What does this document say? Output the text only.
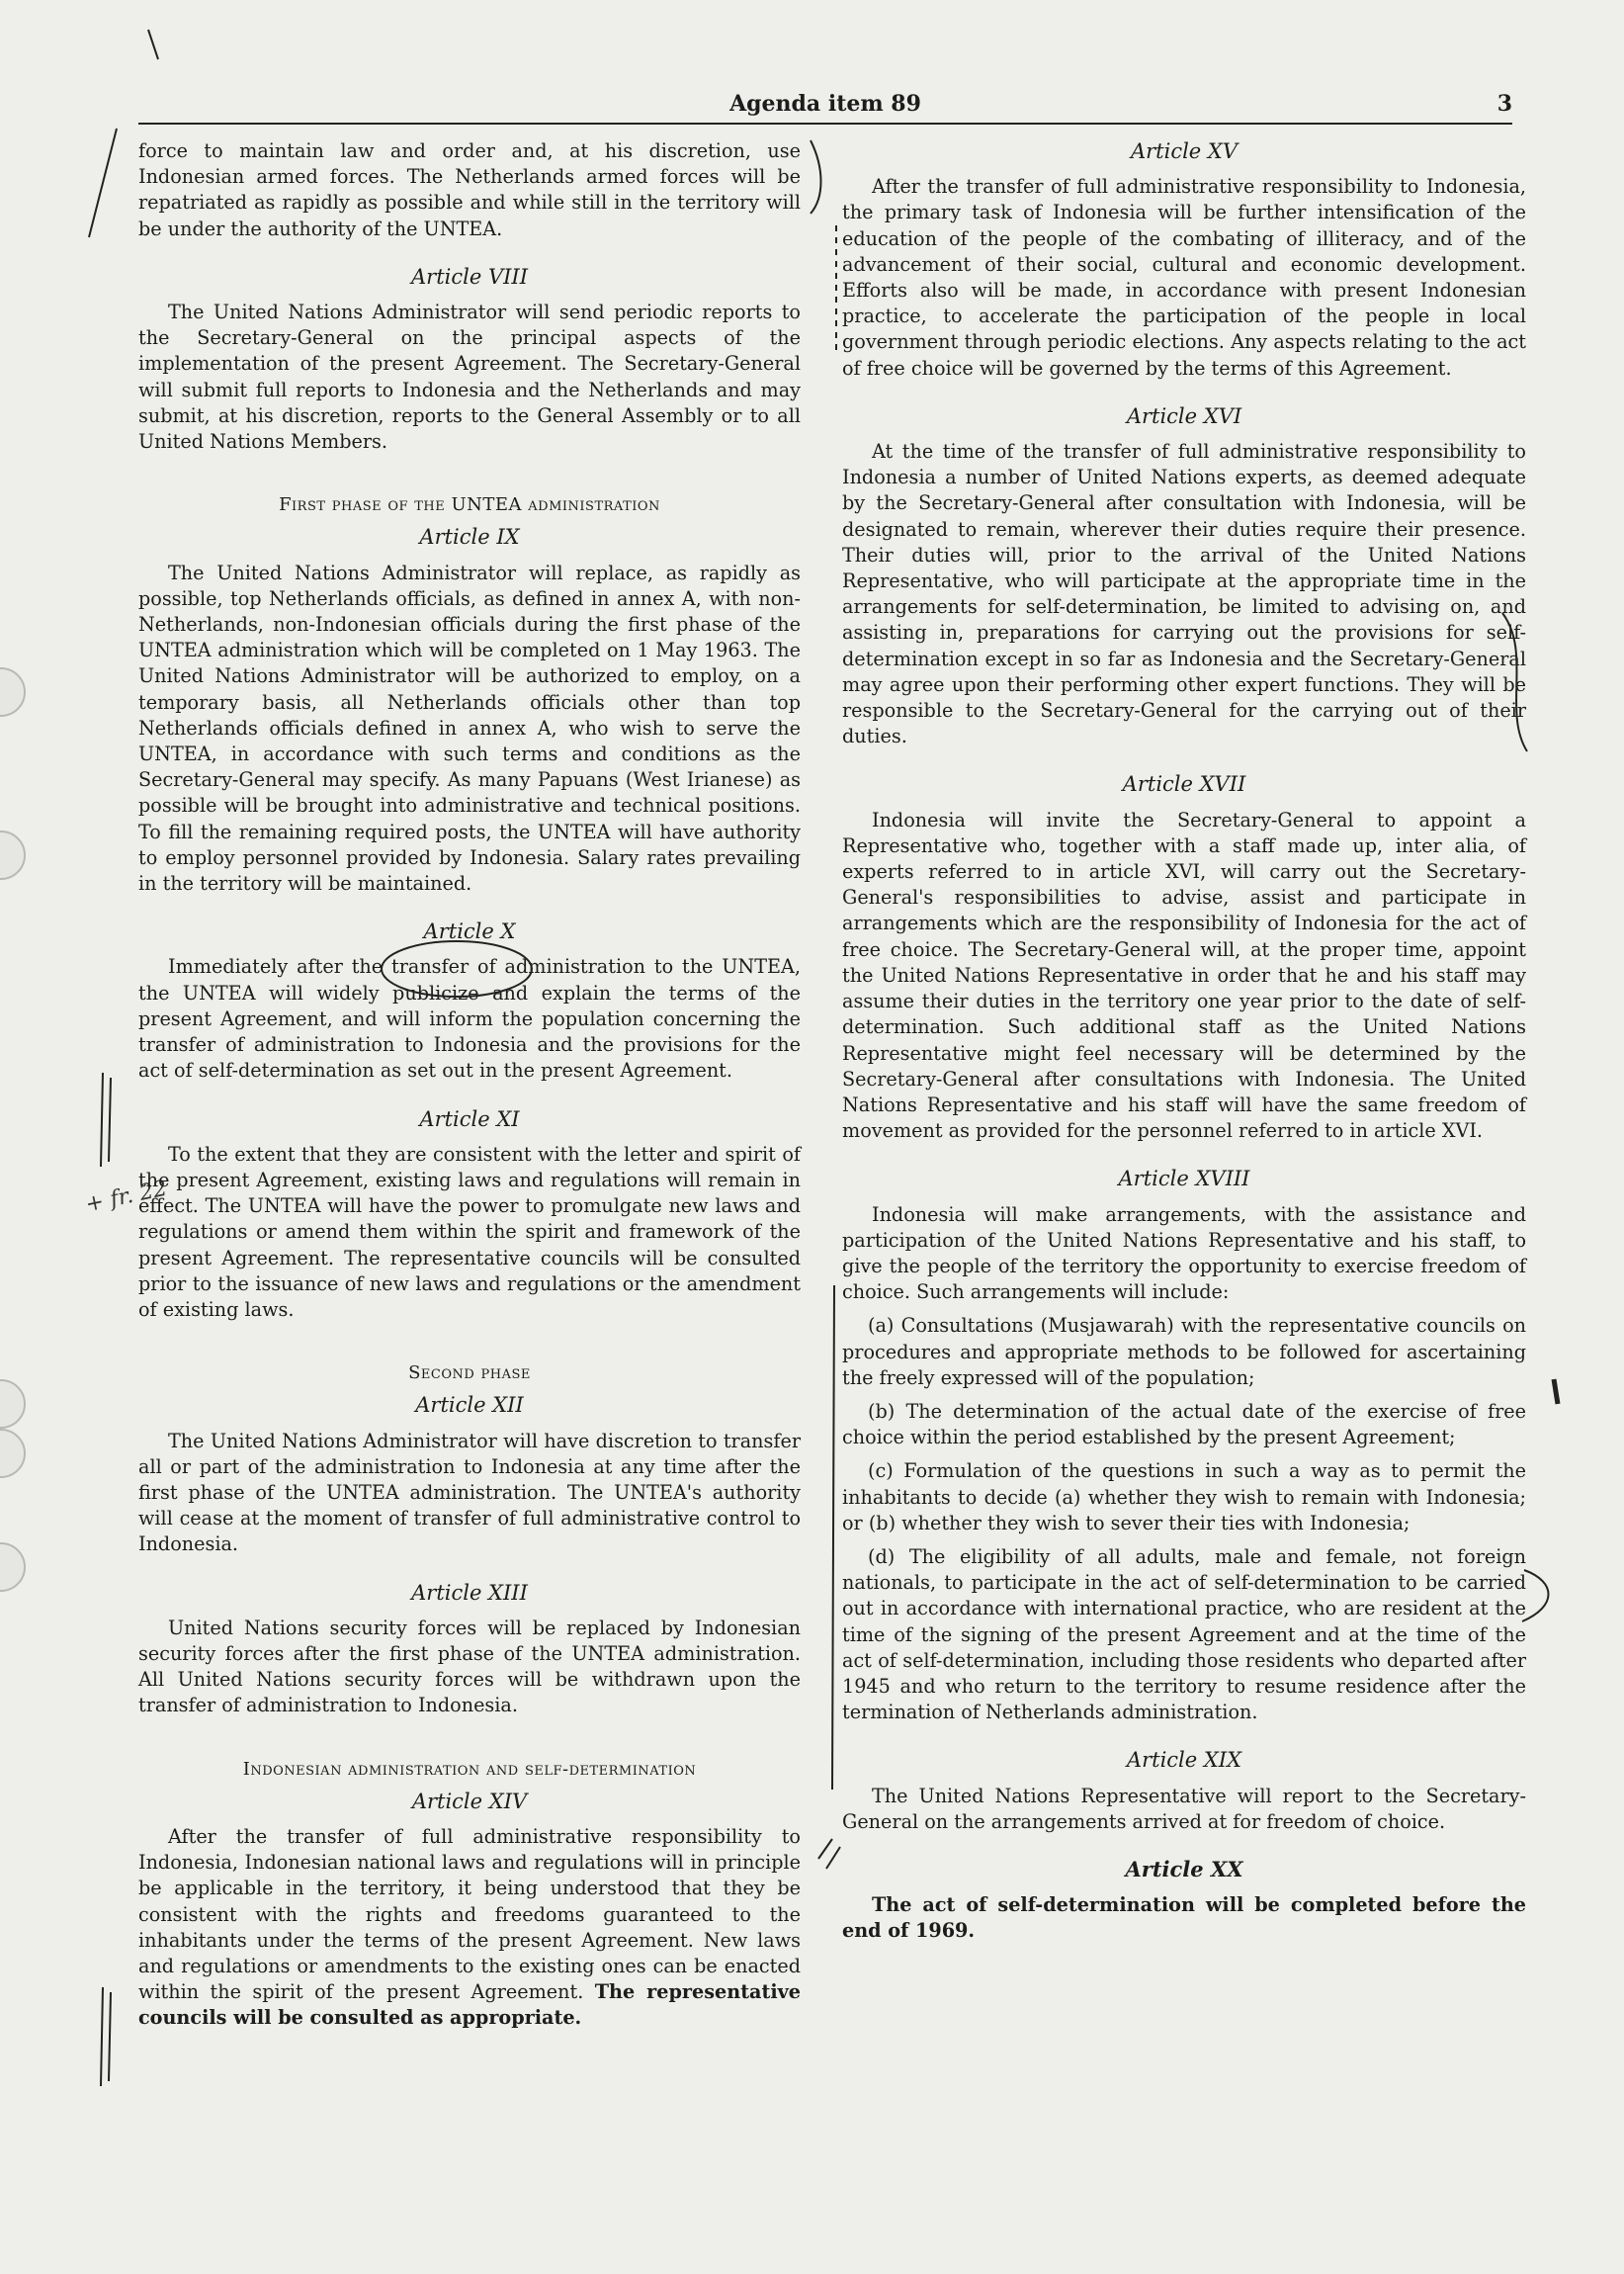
Agenda item 89	3
+ fr. 22

force to maintain law and order and, at his discretion, use Indonesian armed forces. The Netherlands armed forces will be repatriated as rapidly as possible and while still in the territory will be under the authority of the UNTEA.

Article VIII

The United Nations Administrator will send periodic reports to the Secretary-General on the principal aspects of the implementation of the present Agreement. The Secretary-General will submit full reports to Indonesia and the Netherlands and may submit, at his discretion, reports to the General Assembly or to all United Nations Members.

First phase of the UNTEA administration
Article IX

The United Nations Administrator will replace, as rapidly as possible, top Netherlands officials, as defined in annex A, with non-Netherlands, non-Indonesian officials during the first phase of the UNTEA administration which will be completed on 1 May 1963. The United Nations Administrator will be authorized to employ, on a temporary basis, all Netherlands officials other than top Netherlands officials defined in annex A, who wish to serve the UNTEA, in accordance with such terms and conditions as the Secretary-General may specify. As many Papuans (West Irianese) as possible will be brought into administrative and technical positions. To fill the remaining required posts, the UNTEA will have authority to employ personnel provided by Indonesia. Salary rates prevailing in the territory will be maintained.

Article X

Immediately after the transfer of administration to the UNTEA, the UNTEA will widely publicize and explain the terms of the present Agreement, and will inform the population concerning the transfer of administration to Indonesia and the provisions for the act of self-determination as set out in the present Agreement.

Article XI

To the extent that they are consistent with the letter and spirit of the present Agreement, existing laws and regulations will remain in effect. The UNTEA will have the power to promulgate new laws and regulations or amend them within the spirit and framework of the present Agreement. The representative councils will be consulted prior to the issuance of new laws and regulations or the amendment of existing laws.

Second phase
Article XII

The United Nations Administrator will have discretion to transfer all or part of the administration to Indonesia at any time after the first phase of the UNTEA administration. The UNTEA's authority will cease at the moment of transfer of full administrative control to Indonesia.

Article XIII

United Nations security forces will be replaced by Indonesian security forces after the first phase of the UNTEA administration. All United Nations security forces will be withdrawn upon the transfer of administration to Indonesia.

Indonesian administration and self-determination
Article XIV

After the transfer of full administrative responsibility to Indonesia, Indonesian national laws and regulations will in principle be applicable in the territory, it being understood that they be consistent with the rights and freedoms guaranteed to the inhabitants under the terms of the present Agreement. New laws and regulations or amendments to the existing ones can be enacted within the spirit of the present Agreement. The representative councils will be consulted as appropriate.

Article XV

After the transfer of full administrative responsibility to Indonesia, the primary task of Indonesia will be further intensification of the education of the people of the combating of illiteracy, and of the advancement of their social, cultural and economic development. Efforts also will be made, in accordance with present Indonesian practice, to accelerate the participation of the people in local government through periodic elections. Any aspects relating to the act of free choice will be governed by the terms of this Agreement.

Article XVI

At the time of the transfer of full administrative responsibility to Indonesia a number of United Nations experts, as deemed adequate by the Secretary-General after consultation with Indonesia, will be designated to remain, wherever their duties require their presence. Their duties will, prior to the arrival of the United Nations Representative, who will participate at the appropriate time in the arrangements for self-determination, be limited to advising on, and assisting in, preparations for carrying out the provisions for self-determination except in so far as Indonesia and the Secretary-General may agree upon their performing other expert functions. They will be responsible to the Secretary-General for the carrying out of their duties.

Article XVII

Indonesia will invite the Secretary-General to appoint a Representative who, together with a staff made up, inter alia, of experts referred to in article XVI, will carry out the Secretary-General's responsibilities to advise, assist and participate in arrangements which are the responsibility of Indonesia for the act of free choice. The Secretary-General will, at the proper time, appoint the United Nations Representative in order that he and his staff may assume their duties in the territory one year prior to the date of self-determination. Such additional staff as the United Nations Representative might feel necessary will be determined by the Secretary-General after consultations with Indonesia. The United Nations Representative and his staff will have the same freedom of movement as provided for the personnel referred to in article XVI.

Article XVIII

Indonesia will make arrangements, with the assistance and participation of the United Nations Representative and his staff, to give the people of the territory the opportunity to exercise freedom of choice. Such arrangements will include:

(a) Consultations (Musjawarah) with the representative councils on procedures and appropriate methods to be followed for ascertaining the freely expressed will of the population;

(b) The determination of the actual date of the exercise of free choice within the period established by the present Agreement;

(c) Formulation of the questions in such a way as to permit the inhabitants to decide (a) whether they wish to remain with Indonesia; or (b) whether they wish to sever their ties with Indonesia;

(d) The eligibility of all adults, male and female, not foreign nationals, to participate in the act of self-determination to be carried out in accordance with international practice, who are resident at the time of the signing of the present Agreement and at the time of the act of self-determination, including those residents who departed after 1945 and who return to the territory to resume residence after the termination of Netherlands administration.

Article XIX

The United Nations Representative will report to the Secretary-General on the arrangements arrived at for freedom of choice.

Article XX

The act of self-determination will be completed before the end of 1969.
